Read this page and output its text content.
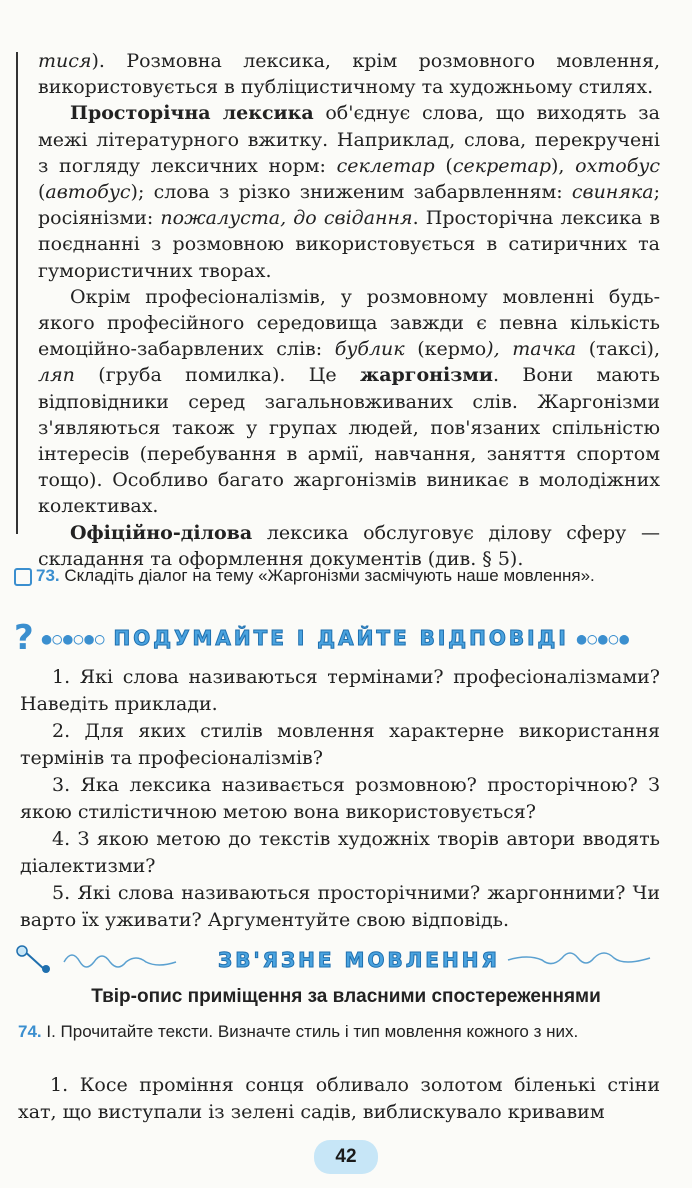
тися). Розмовна лексика, крім розмовного мовлення, використовується в публіцистичному та художньому стилях.

Просторічна лексика об'єднує слова, що виходять за межі літературного вжитку. Наприклад, слова, перекручені з погляду лексичних норм: секлетар (секретар), охтобус (автобус); слова з різко зниженим забарвленням: свиняка; росіянізми: пожалуста, до свідання. Просторічна лексика в поєднанні з розмовною використовується в сатиричних та гумористичних творах.

Окрім професіоналізмів, у розмовному мовленні будь-якого професійного середовища завжди є певна кількість емоційно-забарвлених слів: бублик (кермо), тачка (таксі), ляп (груба помилка). Це жаргонізми. Вони мають відповідники серед загальновживаних слів. Жаргонізми з'являються також у групах людей, пов'язаних спільністю інтересів (перебування в армії, навчання, заняття спортом тощо). Особливо багато жаргонізмів виникає в молодіжних колективах.

Офіційно-ділова лексика обслуговує ділову сферу — складання та оформлення документів (див. § 5).

73. Складіть діалог на тему «Жаргонізми засмічують наше мовлення».

? ●○●○●○ ПОДУМАЙТЕ І ДАЙТЕ ВІДПОВІДІ ●○●○●

1. Які слова називаються термінами? професіоналізмами? Наведіть приклади.

2. Для яких стилів мовлення характерне використання термінів та професіоналізмів?

3. Яка лексика називається розмовною? просторічною? З якою стилістичною метою вона використовується?

4. З якою метою до текстів художніх творів автори вводять діалектизми?

5. Які слова називаються просторічними? жаргонними? Чи варто їх уживати? Аргументуйте свою відповідь.

ЗВ'ЯЗНЕ МОВЛЕННЯ
Твір-опис приміщення за власними спостереженнями
74. І. Прочитайте тексти. Визначте стиль і тип мовлення кожного з них.

1. Косе проміння сонця обливало золотом біленькі стіни хат, що виступали із зелені садів, виблискувало кривавим

42
